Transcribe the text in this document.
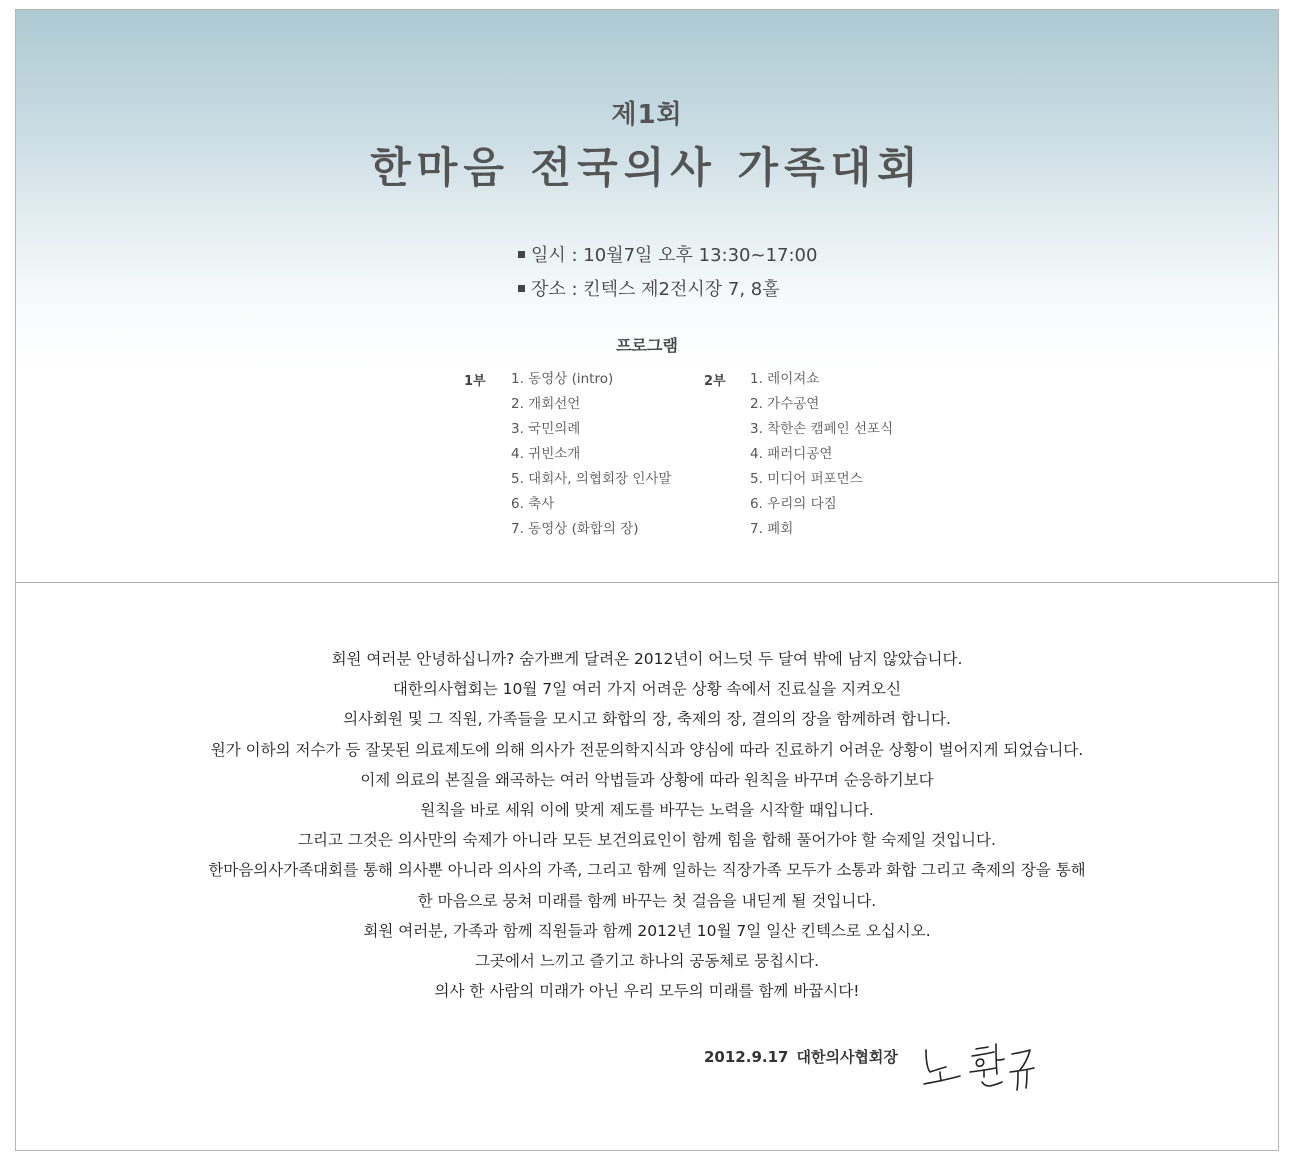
제1회
한마음 전국의사 가족대회
일시 : 10월7일 오후 13:30~17:00
장소 : 킨텍스 제2전시장 7, 8홀
프로그램
1부 1. 동영상 (intro)
2. 개회선언
3. 국민의례
4. 귀빈소개
5. 대회사, 의협회장 인사말
6. 축사
7. 동영상 (화합의 장)
2부 1. 레이져쇼
2. 가수공연
3. 착한손 캠페인 선포식
4. 패러디공연
5. 미디어 퍼포먼스
6. 우리의 다짐
7. 폐회
회원 여러분 안녕하십니까? 숨가쁘게 달려온 2012년이 어느덧 두 달여 밖에 남지 않았습니다.
대한의사협회는 10월 7일 여러 가지 어려운 상황 속에서 진료실을 지켜오신
의사회원 및 그 직원, 가족들을 모시고 화합의 장, 축제의 장, 결의의 장을 함께하려 합니다.
원가 이하의 저수가 등 잘못된 의료제도에 의해 의사가 전문의학지식과 양심에 따라 진료하기 어려운 상황이 벌어지게 되었습니다.
이제 의료의 본질을 왜곡하는 여러 악법들과 상황에 따라 원칙을 바꾸며 순응하기보다
원칙을 바로 세워 이에 맞게 제도를 바꾸는 노력을 시작할 때입니다.
그리고 그것은 의사만의 숙제가 아니라 모든 보건의료인이 함께 힘을 합해 풀어가야 할 숙제일 것입니다.
한마음의사가족대회를 통해 의사뿐 아니라 의사의 가족, 그리고 함께 일하는 직장가족 모두가 소통과 화합 그리고 축제의 장을 통해
한 마음으로 뭉쳐 미래를 함께 바꾸는 첫 걸음을 내딛게 될 것입니다.
회원 여러분, 가족과 함께 직원들과 함께 2012년 10월 7일 일산 킨텍스로 오십시오.
그곳에서 느끼고 즐기고 하나의 공동체로 뭉칩시다.
의사 한 사람의 미래가 아닌 우리 모두의 미래를 함께 바꿉시다!
2012.9.17 대한의사협회장
